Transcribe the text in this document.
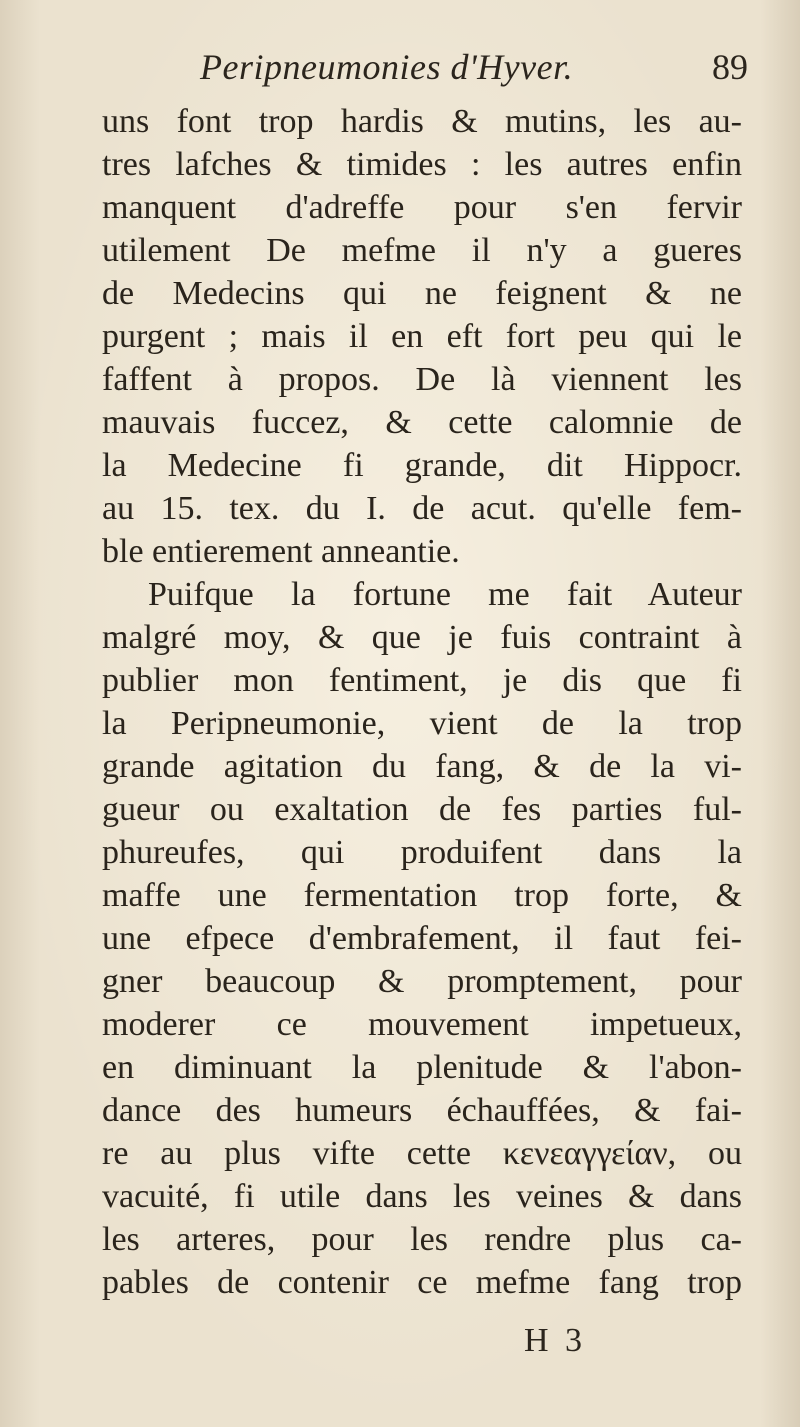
Peripneumonies d'Hyver.	89
uns font trop hardis & mutins, les au-
tres lafches & timides : les autres enfin
manquent d'adreffe pour s'en fervir
utilement De mefme il n'y a gueres
de Medecins qui ne feignent & ne
purgent ; mais il en eft fort peu qui le
faffent à propos. De là viennent les
mauvais fuccez, & cette calomnie de
la Medecine fi grande, dit Hippocr.
au 15. tex. du I. de acut. qu'elle fem-
ble entierement anneantie.
Puifque la fortune me fait Auteur
malgré moy, & que je fuis contraint à
publier mon fentiment, je dis que fi
la Peripneumonie, vient de la trop
grande agitation du fang, & de la vi-
gueur ou exaltation de fes parties ful-
phureufes, qui produifent dans la
maffe une fermentation trop forte, &
une efpece d'embrafement, il faut fei-
gner beaucoup & promptement, pour
moderer ce mouvement impetueux,
en diminuant la plenitude & l'abon-
dance des humeurs échauffées, & fai-
re au plus vifte cette κενεαγγείαν, ou
vacuité, fi utile dans les veines & dans
les arteres, pour les rendre plus ca-
pables de contenir ce mefme fang trop
H 3
